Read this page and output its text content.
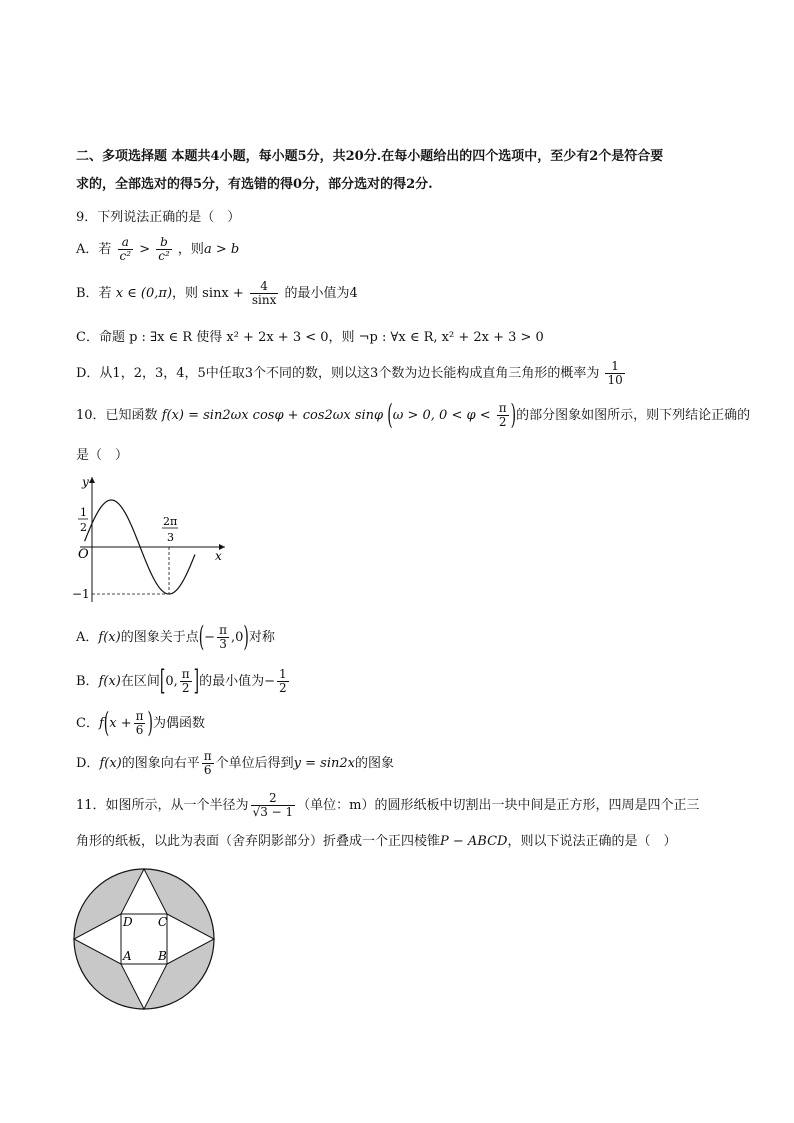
二、多项选择题 本题共4小题，每小题5分，共20分.在每小题给出的四个选项中，至少有2个是符合要
求的，全部选对的得5分，有选错的得0分，部分选对的得2分.
9．下列说法正确的是（　）
A．若 $\frac{a}{\text{c²}} > \frac{b}{\text{c²}}$ ，则a > b
B．若 x ∈ (0,π)，则 $\sin x + \frac{4}{\sin x}$ 的最小值为4
C．命题 p : ∃x ∈ R 使得 x² + 2x + 3 < 0，则 ¬p : ∀x ∈ R, x² + 2x + 3 > 0
D．从1，2，3，4，5中任取3个不同的数，则以这3个数为边长能构成直角三角形的概率为 $\frac{1}{10}$
10．已知函数 f(x) = sin2ωx cosφ + cos2ωx sinφ (ω > 0, $0 < \varphi < \frac{\pi}{2}$ )的部分图象如图所示，则下列结论正确的
是（　）
y
x
O
1
2	2π
3
−1
A．f(x)的图象关于点(− $\frac{\pi}{3} ,0$)对称
B．f(x)在区间[0, $\frac{\pi}{2}$ ]的最小值为− $\frac{1}{2}$
C．$f(x + \frac{\pi}{6}$ )为偶函数
D．f(x)的图象向右平 $\frac{\pi}{6}$ 个单位后得到y = sin2x的图象
11．如图所示，从一个半径为 $\frac{2}{√3 - 1}$ （单位：m）的圆形纸板中切割出一块中间是正方形，四周是四个正三
角形的纸板，以此为表面（舍弃阴影部分）折叠成一个正四棱锥P − ABCD，则以下说法正确的是（　）
D C
A B
